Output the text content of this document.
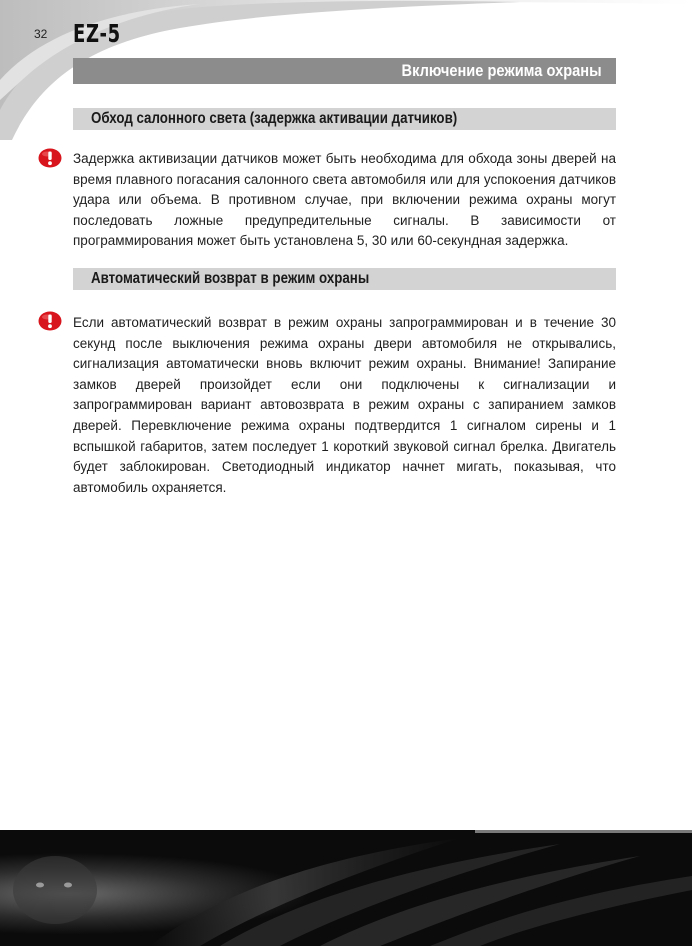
32 EZ-5
Включение режима охраны
Обход салонного света (задержка активации датчиков)

Задержка активизации датчиков может быть необходима для обхода зоны дверей на время плавного погасания салонного света автомобиля или для успокоения датчиков удара или объема. В противном случае, при включении режима охраны могут последовать ложные предупредительные сигналы. В зависимости от программирования может быть установлена 5, 30 или 60-секундная задержка.

Автоматический возврат в режим охраны

Если автоматический возврат в режим охраны запрограммирован и в течение 30 секунд после выключения режима охраны двери автомобиля не открывались, сигнализация автоматически вновь включит режим охраны. Внимание! Запирание замков дверей произойдет если они подключены к сигнализации и запрограммирован вариант автовозврата в режим охраны с запиранием замков дверей. Перевключение режима охраны подтвердится 1 сигналом сирены и 1 вспышкой габаритов, затем последует 1 короткий звуковой сигнал брелка. Двигатель будет заблокирован. Светодиодный индикатор начнет мигать, показывая, что автомобиль охраняется.
